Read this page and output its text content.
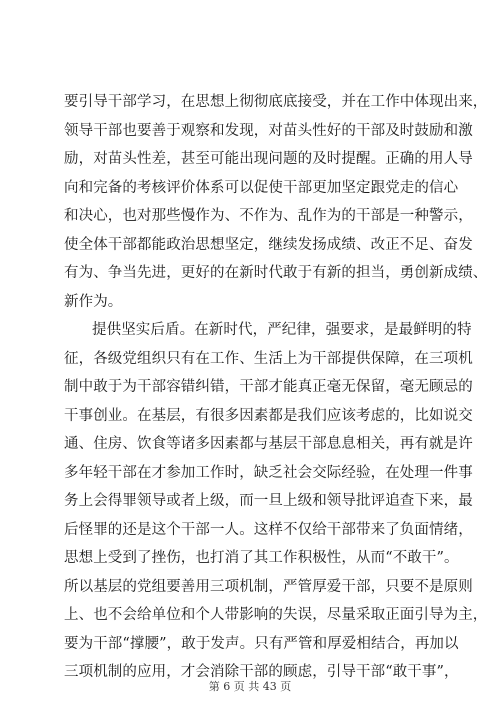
要引导干部学习，在思想上彻彻底底接受，并在工作中体现出来，
领导干部也要善于观察和发现，对苗头性好的干部及时鼓励和激
励，对苗头性差，甚至可能出现问题的及时提醒。正确的用人导
向和完备的考核评价体系可以促使干部更加坚定跟党走的信心
和决心，也对那些慢作为、不作为、乱作为的干部是一种警示，
使全体干部都能政治思想坚定，继续发扬成绩、改正不足、奋发
有为、争当先进，更好的在新时代敢于有新的担当，勇创新成绩、
新作为。
提供坚实后盾。在新时代，严纪律，强要求，是最鲜明的特
征，各级党组织只有在工作、生活上为干部提供保障，在三项机
制中敢于为干部容错纠错，干部才能真正毫无保留，毫无顾忌的
干事创业。在基层，有很多因素都是我们应该考虑的，比如说交
通、住房、饮食等诸多因素都与基层干部息息相关，再有就是许
多年轻干部在才参加工作时，缺乏社会交际经验，在处理一件事
务上会得罪领导或者上级，而一旦上级和领导批评追查下来，最
后怪罪的还是这个干部一人。这样不仅给干部带来了负面情绪，
思想上受到了挫伤，也打消了其工作积极性，从而“不敢干”。
所以基层的党组要善用三项机制，严管厚爱干部，只要不是原则
上、也不会给单位和个人带影响的失误，尽量采取正面引导为主，
要为干部“撑腰”，敢于发声。只有严管和厚爱相结合，再加以
三项机制的应用，才会消除干部的顾虑，引导干部“敢干事”，
第 6 页 共 43 页
